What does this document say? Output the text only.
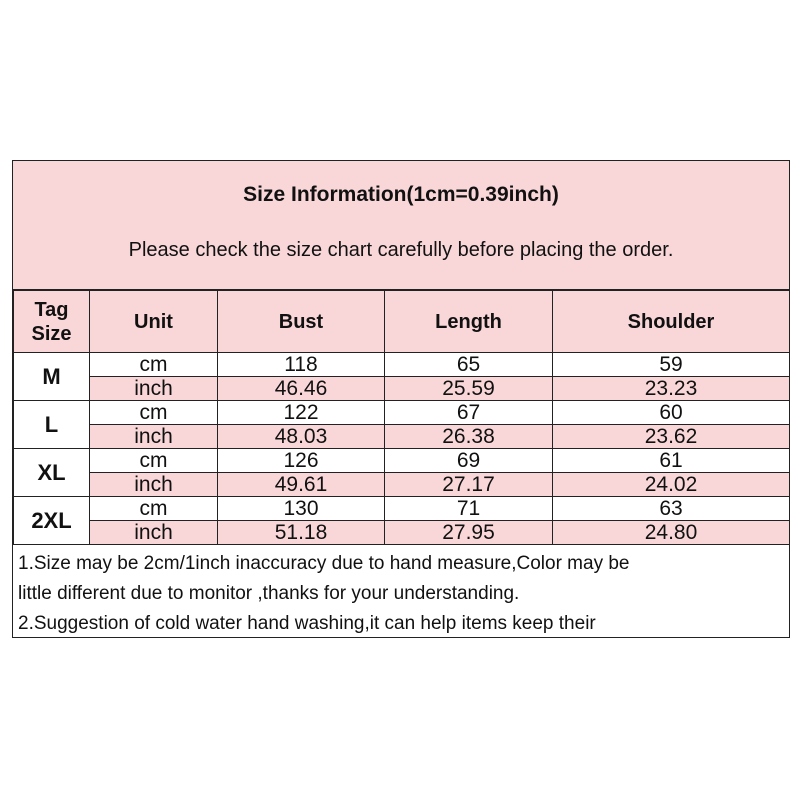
Size Information(1cm=0.39inch)
Please check the size chart carefully before placing the order.
Tag Size	Unit	Bust	Length	Shoulder
M	cm	118	65	59
	inch	46.46	25.59	23.23
L	cm	122	67	60
	inch	48.03	26.38	23.62
XL	cm	126	69	61
	inch	49.61	27.17	24.02
2XL	cm	130	71	63
	inch	51.18	27.95	24.80
1.Size may be 2cm/1inch inaccuracy due to hand measure,Color may be
little different due to monitor ,thanks for your understanding.
2.Suggestion of cold water hand washing,it can help items keep their
